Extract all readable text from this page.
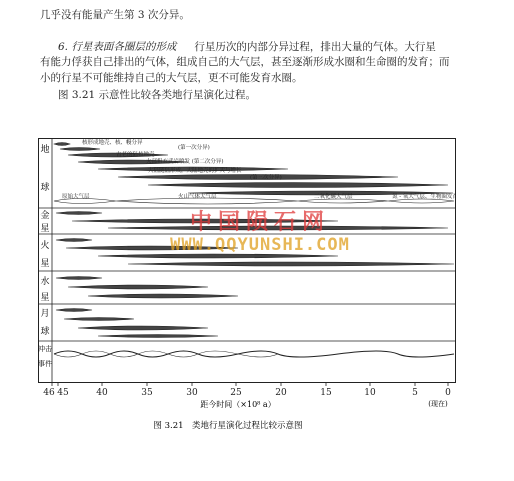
几乎没有能量产生第 3 次分异。
6. 行星表面各圈层的形成 行星历次的内部分异过程，排出大量的气体。大行星
有能力俘获自己排出的气体，组成自己的大气层，甚至逐渐形成水圈和生命圈的发育；而
小的行星不可能维持自己的大气层，更不可能发育水圈。
图 3.21 示意性比较各类地行星演化过程。
地
球
金
星
火
星
水
星
月
球
冲击
事件
核形成地壳、核、幔分异
(第一次分异)
古老的陆核地壳
大部粗玄武岩喷发 (第二次分异)
大陆随陆形成，大陆地壳的扩大与增长
(第三次分异)
原始大气层	火山气体大气层	二氧化碳大气层	氮 - 氧大气层、生物圈发育
46 45	40	35	30	25	20	15	10	5	0
(现在)
距今时间（×10⁸ a）
图 3.21　类地行星演化过程比较示意图
中国陨石网
WWW.QQYUNSHI.COM
